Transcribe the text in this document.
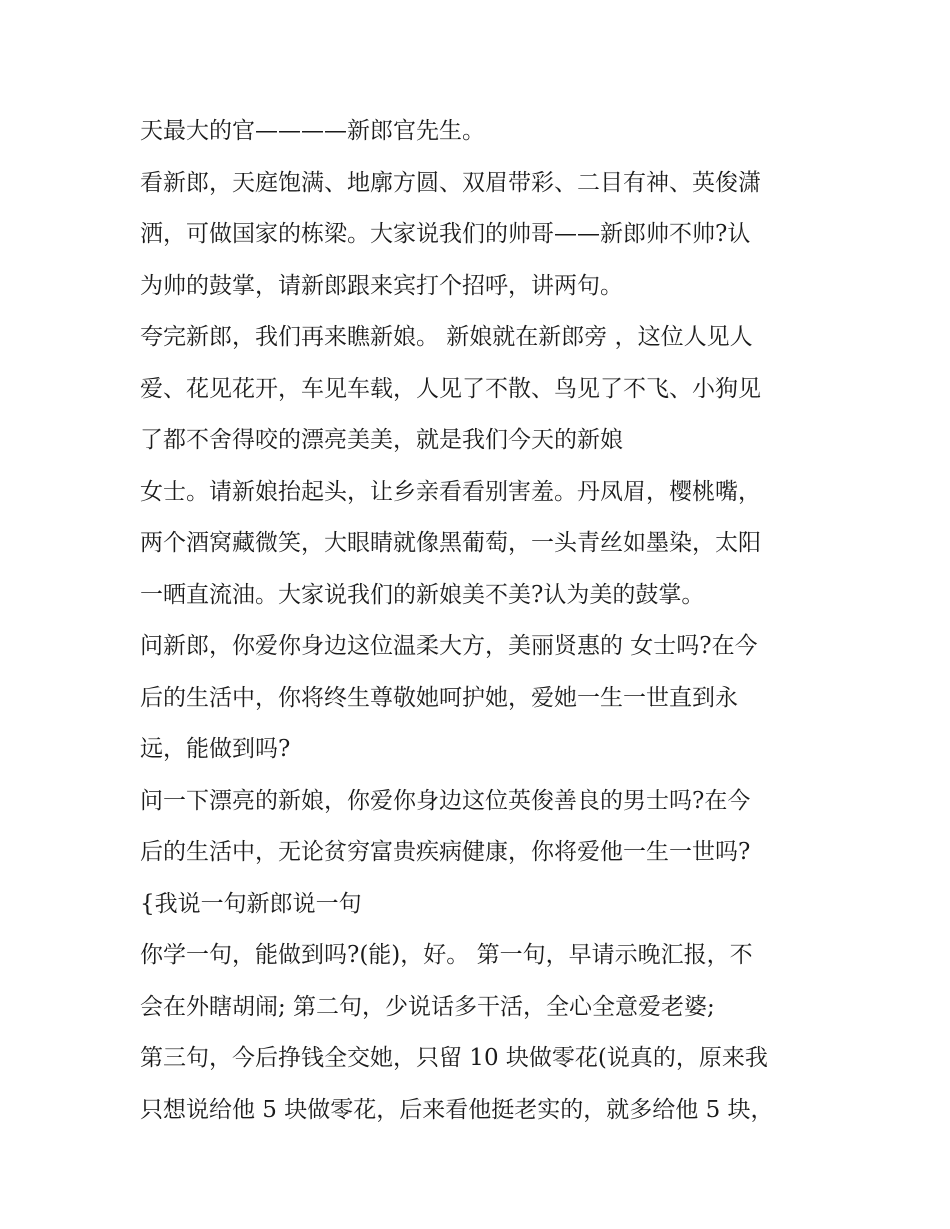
天最大的官————新郎官先生。
看新郎，天庭饱满、地廓方圆、双眉带彩、二目有神、英俊潇
洒，可做国家的栋梁。大家说我们的帅哥——新郎帅不帅?认
为帅的鼓掌，请新郎跟来宾打个招呼，讲两句。
夸完新郎，我们再来瞧新娘。 新娘就在新郎旁 ，这位人见人
爱、花见花开，车见车载，人见了不散、鸟见了不飞、小狗见
了都不舍得咬的漂亮美美，就是我们今天的新娘
女士。请新娘抬起头，让乡亲看看别害羞。丹凤眉，樱桃嘴，
两个酒窝藏微笑，大眼睛就像黑葡萄，一头青丝如墨染，太阳
一晒直流油。大家说我们的新娘美不美?认为美的鼓掌。
问新郎，你爱你身边这位温柔大方，美丽贤惠的 女士吗?在今
后的生活中，你将终生尊敬她呵护她，爱她一生一世直到永
远，能做到吗?
问一下漂亮的新娘，你爱你身边这位英俊善良的男士吗?在今
后的生活中，无论贫穷富贵疾病健康，你将爱他一生一世吗?
{我说一句新郎说一句
你学一句，能做到吗?(能)，好。 第一句，早请示晚汇报，不
会在外瞎胡闹; 第二句，少说话多干活，全心全意爱老婆;
第三句，今后挣钱全交她，只留 10 块做零花(说真的，原来我
只想说给他 5 块做零花，后来看他挺老实的，就多给他 5 块，
